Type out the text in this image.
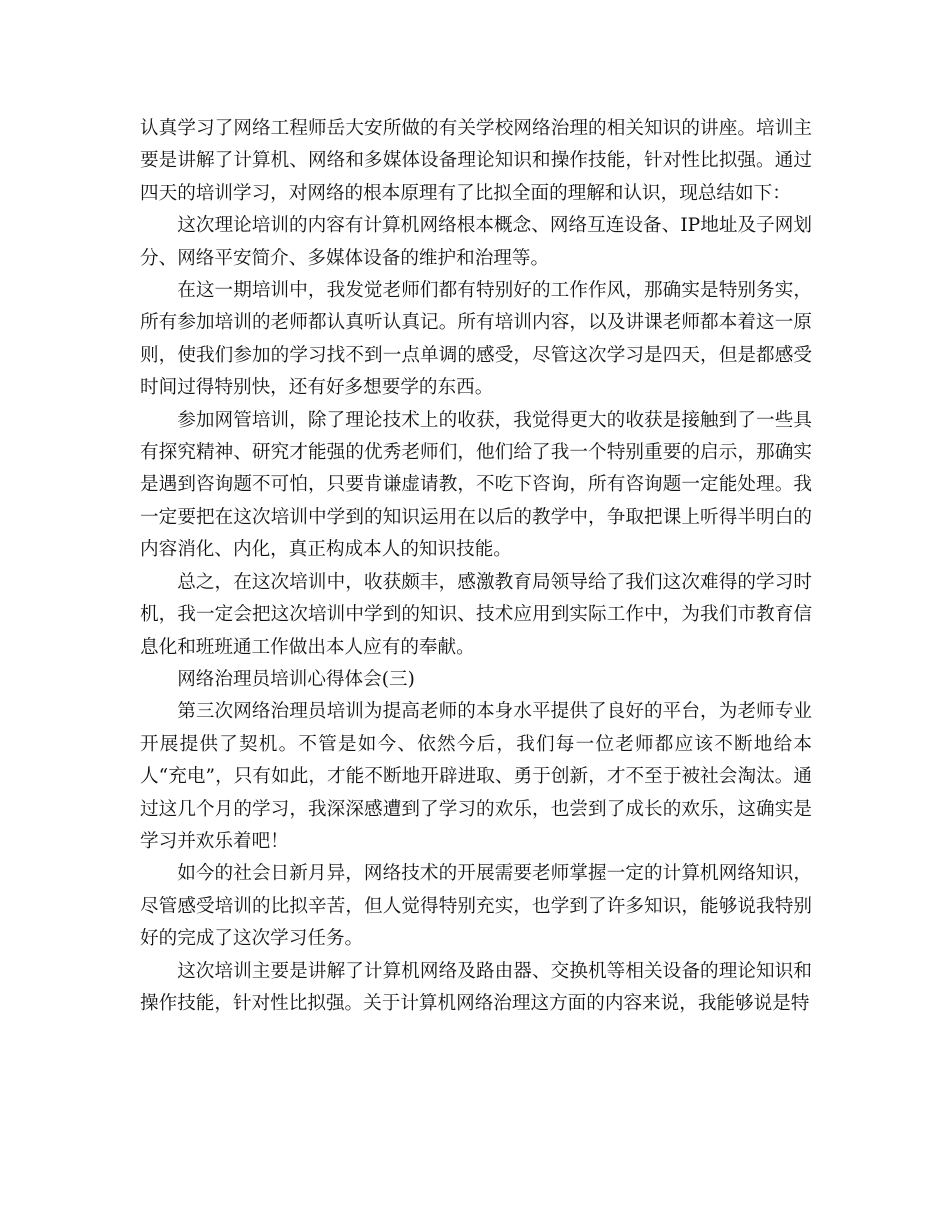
认真学习了网络工程师岳大安所做的有关学校网络治理的相关知识的讲座。培训主要是讲解了计算机、网络和多媒体设备理论知识和操作技能，针对性比拟强。通过四天的培训学习，对网络的根本原理有了比拟全面的理解和认识，现总结如下：

这次理论培训的内容有计算机网络根本概念、网络互连设备、IP地址及子网划分、网络平安简介、多媒体设备的维护和治理等。

在这一期培训中，我发觉老师们都有特别好的工作作风，那确实是特别务实，所有参加培训的老师都认真听认真记。所有培训内容，以及讲课老师都本着这一原则，使我们参加的学习找不到一点单调的感受，尽管这次学习是四天，但是都感受时间过得特别快，还有好多想要学的东西。

参加网管培训，除了理论技术上的收获，我觉得更大的收获是接触到了一些具有探究精神、研究才能强的优秀老师们，他们给了我一个特别重要的启示，那确实是遇到咨询题不可怕，只要肯谦虚请教，不吃下咨询，所有咨询题一定能处理。我一定要把在这次培训中学到的知识运用在以后的教学中，争取把课上听得半明白的内容消化、内化，真正构成本人的知识技能。

总之，在这次培训中，收获颇丰，感激教育局领导给了我们这次难得的学习时机，我一定会把这次培训中学到的知识、技术应用到实际工作中，为我们市教育信息化和班班通工作做出本人应有的奉献。

网络治理员培训心得体会(三)

第三次网络治理员培训为提高老师的本身水平提供了良好的平台，为老师专业开展提供了契机。不管是如今、依然今后，我们每一位老师都应该不断地给本人“充电”，只有如此，才能不断地开辟进取、勇于创新，才不至于被社会淘汰。通过这几个月的学习，我深深感遭到了学习的欢乐，也尝到了成长的欢乐，这确实是学习并欢乐着吧！

如今的社会日新月异，网络技术的开展需要老师掌握一定的计算机网络知识，尽管感受培训的比拟辛苦，但人觉得特别充实，也学到了许多知识，能够说我特别好的完成了这次学习任务。

这次培训主要是讲解了计算机网络及路由器、交换机等相关设备的理论知识和操作技能，针对性比拟强。关于计算机网络治理这方面的内容来说，我能够说是特
